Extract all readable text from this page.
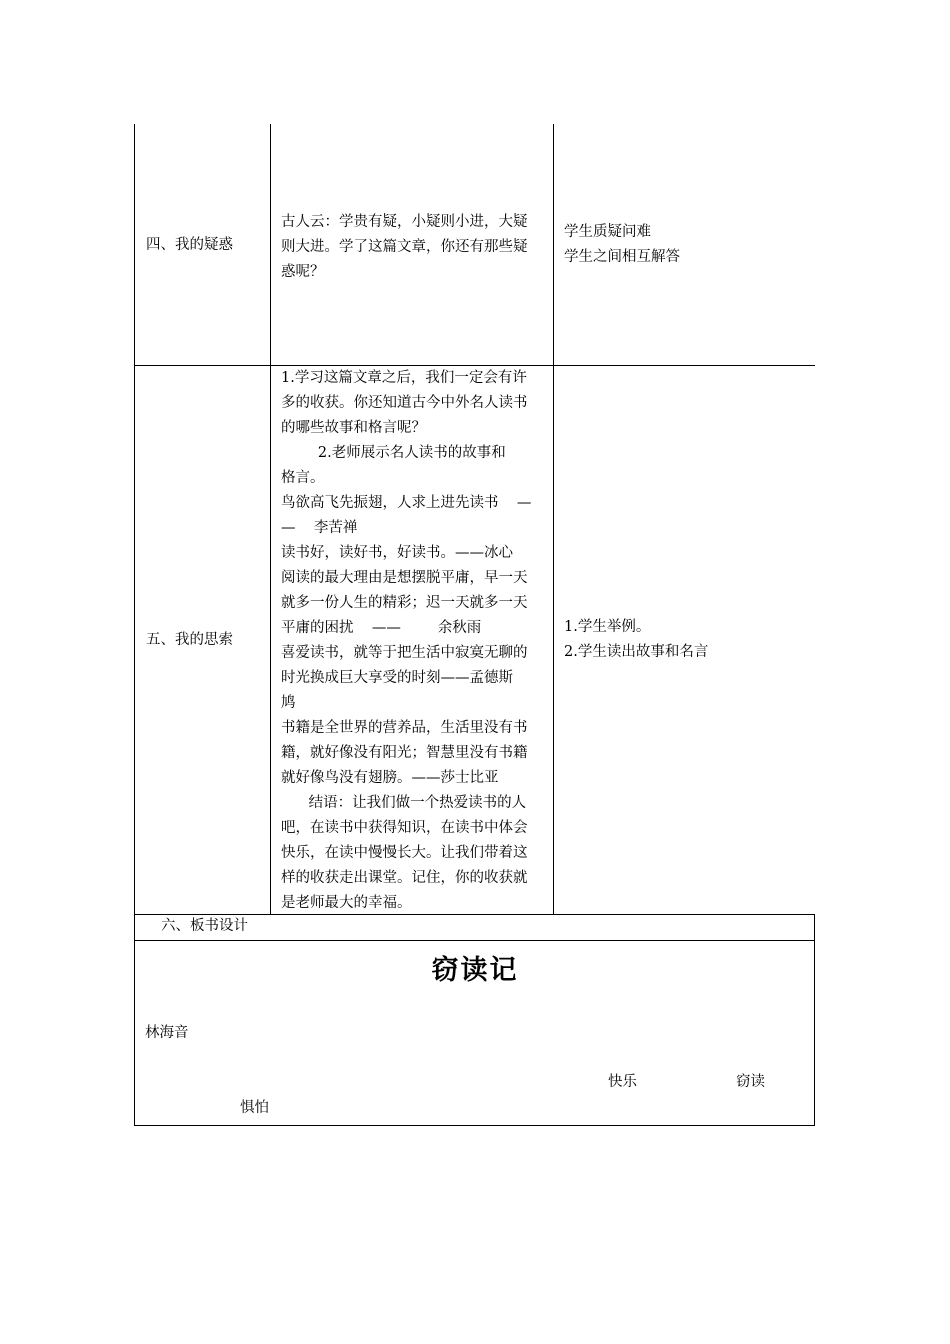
四、我的疑惑
古人云：学贵有疑，小疑则小进，大疑
则大进。学了这篇文章，你还有那些疑
惑呢？
学生质疑问难
学生之间相互解答
五、我的思索
1.学习这篇文章之后，我们一定会有许
多的收获。你还知道古今中外名人读书
的哪些故事和格言呢？
2.老师展示名人读书的故事和
格言。
鸟欲高飞先振翅，人求上进先读书    —
—    李苦禅
读书好，读好书，好读书。——冰心
阅读的最大理由是想摆脱平庸，早一天
就多一份人生的精彩；迟一天就多一天
平庸的困扰    ——        余秋雨
喜爱读书，就等于把生活中寂寞无聊的
时光换成巨大享受的时刻——孟德斯
鸠
书籍是全世界的营养品，生活里没有书
籍，就好像没有阳光；智慧里没有书籍
就好像鸟没有翅膀。——莎士比亚
结语：让我们做一个热爱读书的人
吧，在读书中获得知识，在读书中体会
快乐，在读中慢慢长大。让我们带着这
样的收获走出课堂。记住，你的收获就
是老师最大的幸福。
1.学生举例。
2.学生读出故事和名言
六、板书设计
窃读记
林海音
快乐	窃读
惧怕
